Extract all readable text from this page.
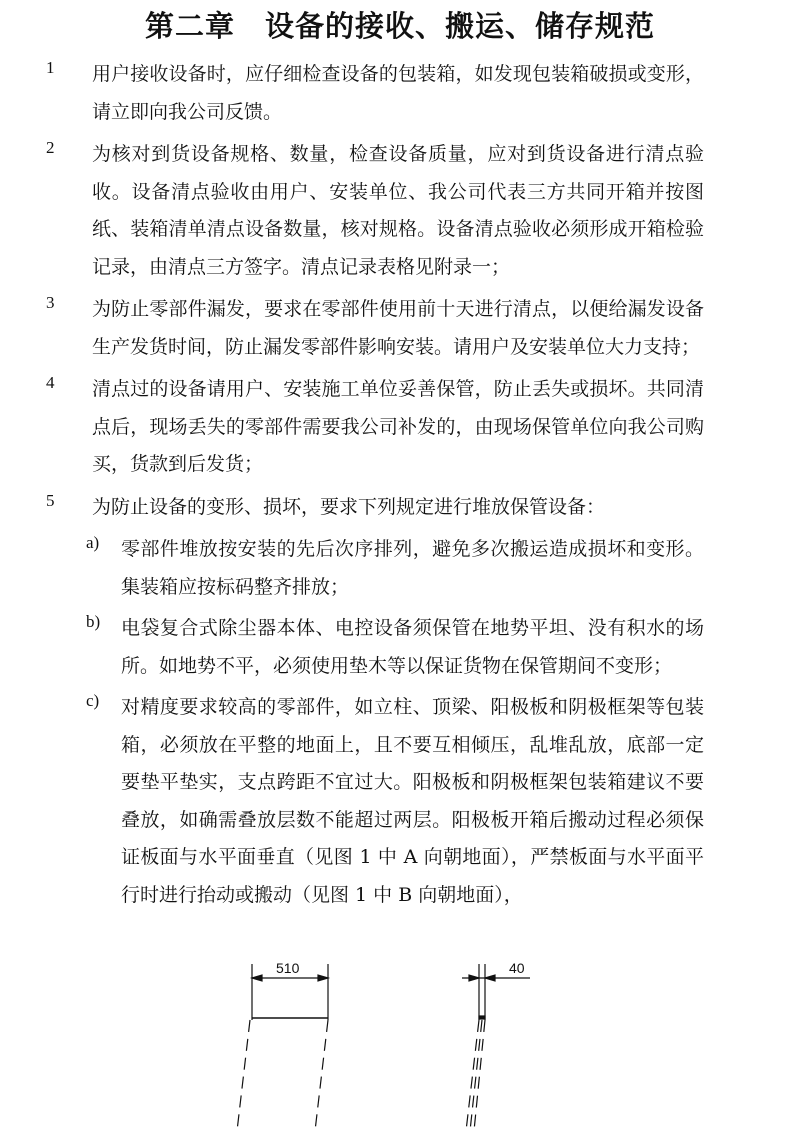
第二章　设备的接收、搬运、储存规范
1 用户接收设备时，应仔细检查设备的包装箱，如发现包装箱破损或变形，请立即向我公司反馈。
2 为核对到货设备规格、数量，检查设备质量，应对到货设备进行清点验收。设备清点验收由用户、安装单位、我公司代表三方共同开箱并按图纸、装箱清单清点设备数量，核对规格。设备清点验收必须形成开箱检验记录，由清点三方签字。清点记录表格见附录一；
3 为防止零部件漏发，要求在零部件使用前十天进行清点，以便给漏发设备生产发货时间，防止漏发零部件影响安装。请用户及安装单位大力支持；
4 清点过的设备请用户、安装施工单位妥善保管，防止丢失或损坏。共同清点后，现场丢失的零部件需要我公司补发的，由现场保管单位向我公司购买，货款到后发货；
5 为防止设备的变形、损坏，要求下列规定进行堆放保管设备：
a) 零部件堆放按安装的先后次序排列，避免多次搬运造成损坏和变形。集装箱应按标码整齐排放；
b) 电袋复合式除尘器本体、电控设备须保管在地势平坦、没有积水的场所。如地势不平，必须使用垫木等以保证货物在保管期间不变形；
c) 对精度要求较高的零部件，如立柱、顶梁、阳极板和阴极框架等包装箱，必须放在平整的地面上，且不要互相倾压，乱堆乱放，底部一定要垫平垫实，支点跨距不宜过大。阳极板和阴极框架包装箱建议不要叠放，如确需叠放层数不能超过两层。阳极板开箱后搬动过程必须保证板面与水平面垂直（见图 1 中 A 向朝地面），严禁板面与水平面平行时进行抬动或搬动（见图 1 中 B 向朝地面），
510	40
